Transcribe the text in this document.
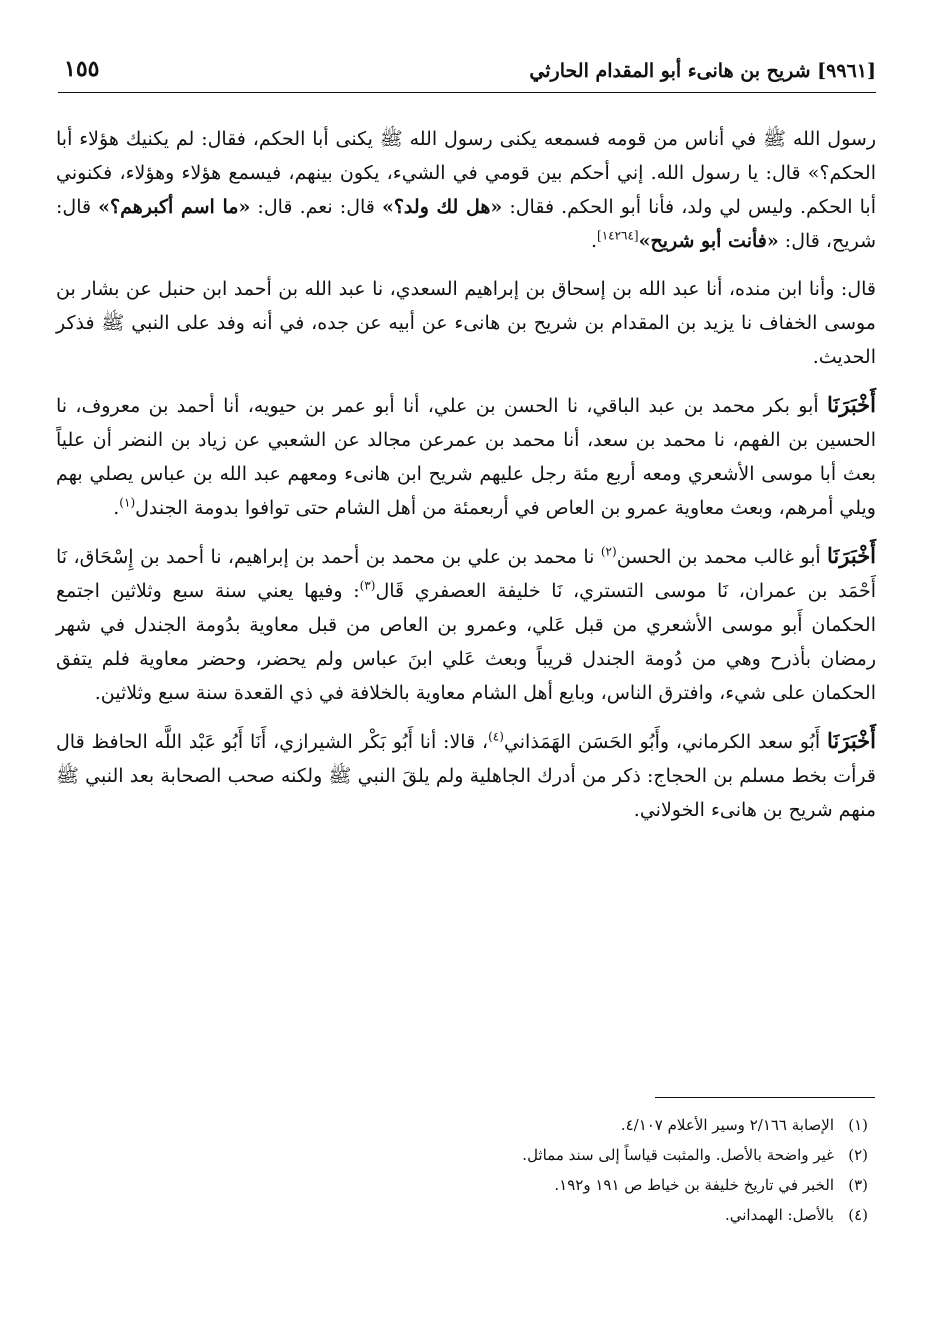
[٩٩٦١] شريح بن هانىء أبو المقدام الحارثي
١٥٥

رسول الله ﷺ في أناس من قومه فسمعه يكنى رسول الله ﷺ يكنى أبا الحكم، فقال: لم يكنيك هؤلاء أبا الحكم؟» قال: يا رسول الله. إني أحكم بين قومي في الشيء، يكون بينهم، فيسمع هؤلاء وهؤلاء، فكنوني أبا الحكم. وليس لي ولد، فأنا أبو الحكم. فقال: «هل لك ولد؟» قال: نعم. قال: «ما اسم أكبرهم؟» قال: شريح، قال: «فأنت أبو شريح»[١٤٢٦٤].

قال: وأنا ابن منده، أنا عبد الله بن إسحاق بن إبراهيم السعدي، نا عبد الله بن أحمد ابن حنبل عن بشار بن موسى الخفاف نا يزيد بن المقدام بن شريح بن هانىء عن أبيه عن جده، في أنه وفد على النبي ﷺ فذكر الحديث.

أَخْبَرَنَا أبو بكر محمد بن عبد الباقي، نا الحسن بن علي، أنا أبو عمر بن حيويه، أنا أحمد بن معروف، نا الحسين بن الفهم، نا محمد بن سعد، أنا محمد بن عمرعن مجالد عن الشعبي عن زياد بن النضر أن علياً بعث أبا موسى الأشعري ومعه أربع مئة رجل عليهم شريح ابن هانىء ومعهم عبد الله بن عباس يصلي بهم ويلي أمرهم، وبعث معاوية عمرو بن العاص في أربعمئة من أهل الشام حتى توافوا بدومة الجندل$^{(١)}$.

أَخْبَرَنَا أبو غالب محمد بن الحسن$^{(٢)}$ نا محمد بن علي بن محمد بن أحمد بن إبراهيم، نا أحمد بن إِسْحَاق، نَا أَحْمَد بن عمران، نَا موسى التستري، نَا خليفة العصفري قَال$^{(٣)}$: وفيها يعني سنة سبع وثلاثين اجتمع الحكمان أَبو موسى الأشعري من قبل عَلي، وعمرو بن العاص من قبل معاوية بدُومة الجندل في شهر رمضان بأذرح وهي من دُومة الجندل قريباً وبعث عَلي ابنَ عباس ولم يحضر، وحضر معاوية فلم يتفق الحكمان على شيء، وافترق الناس، وبايع أهل الشام معاوية بالخلافة في ذي القعدة سنة سبع وثلاثين.

أَخْبَرَنَا أَبُو سعد الكرماني، وأَبُو الحَسَن الهَمَذاني$^{(٤)}$، قالا: أنا أَبُو بَكْر الشيرازي، أَنَا أَبُو عَبْد اللَّه الحافظ قال قرأت بخط مسلم بن الحجاج: ذكر من أدرك الجاهلية ولم يلقَ النبي ﷺ ولكنه صحب الصحابة بعد النبي ﷺ منهم شريح بن هانىء الخولاني.

(١)الإصابة ٢/١٦٦ وسير الأعلام ٤/١٠٧.
(٢)غير واضحة بالأصل. والمثبت قياساً إلى سند مماثل.
(٣)الخبر في تاريخ خليفة بن خياط ص ١٩١ و١٩٢.
(٤)بالأصل: الهمداني.
